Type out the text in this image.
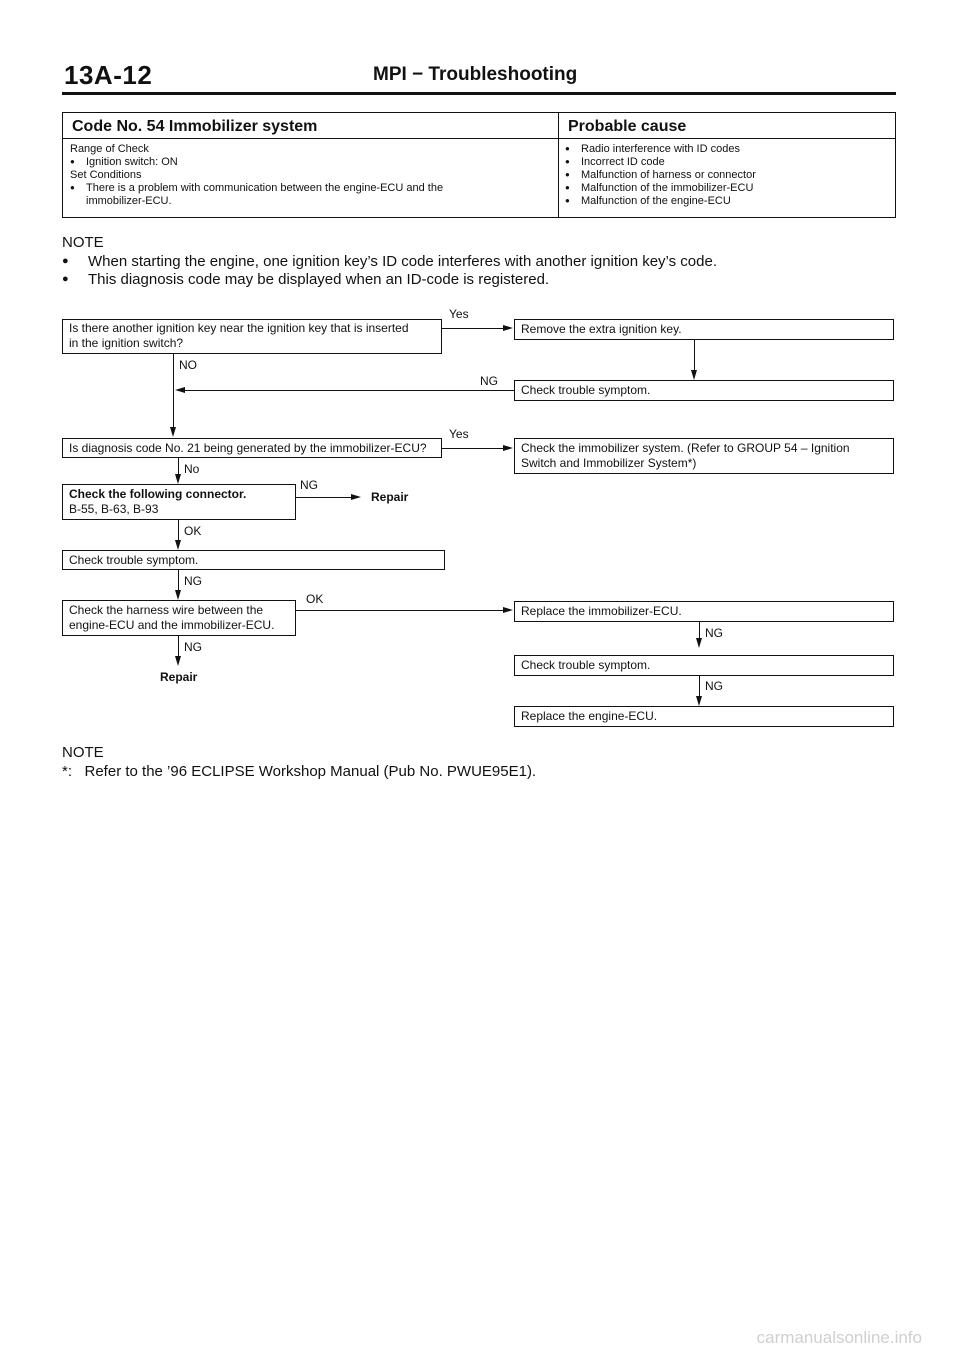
13A-12	MPI − Troubleshooting
Code No. 54 Immobilizer system	Probable cause
Range of Check
● Ignition switch: ON
Set Conditions
● There is a problem with communication between the engine-ECU and the
immobilizer-ECU.
● Radio interference with ID codes
● Incorrect ID code
● Malfunction of harness or connector
● Malfunction of the immobilizer-ECU
● Malfunction of the engine-ECU
NOTE
● When starting the engine, one ignition key’s ID code interferes with another ignition key’s code.
● This diagnosis code may be displayed when an ID-code is registered.
Is there another ignition key near the ignition key that is inserted
in the ignition switch?
Yes
Remove the extra ignition key.
Check trouble symptom.
NG
NO
Is diagnosis code No. 21 being generated by the immobilizer-ECU?
Yes
Check the immobilizer system. (Refer to GROUP 54 – Ignition
Switch and Immobilizer System*)
No
Check the following connector.
B-55, B-63, B-93
NG
Repair
OK
Check trouble symptom.
NG
Check the harness wire between the
engine-ECU and the immobilizer-ECU.
OK
NG
Repair
Replace the immobilizer-ECU.
NG
Check trouble symptom.
NG
Replace the engine-ECU.
NOTE
*:   Refer to the ’96 ECLIPSE Workshop Manual (Pub No. PWUE95E1).
carmanualsonline.info
